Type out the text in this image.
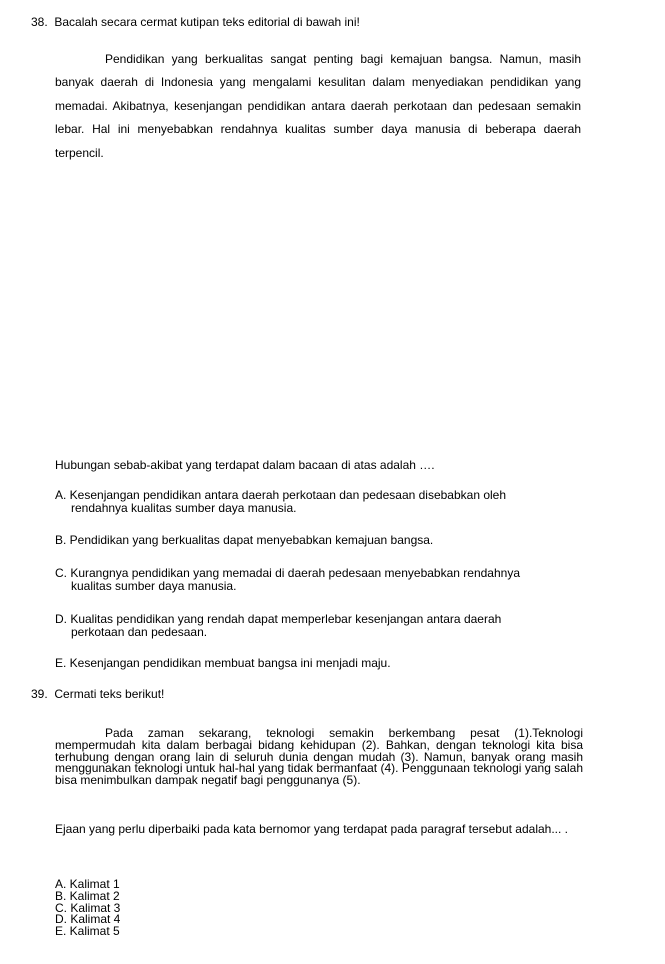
38. Bacalah secara cermat kutipan teks editorial di bawah ini!
Pendidikan yang berkualitas sangat penting bagi kemajuan bangsa. Namun, masih banyak daerah di Indonesia yang mengalami kesulitan dalam menyediakan pendidikan yang memadai. Akibatnya, kesenjangan pendidikan antara daerah perkotaan dan pedesaan semakin lebar. Hal ini menyebabkan rendahnya kualitas sumber daya manusia di beberapa daerah terpencil.
Hubungan sebab-akibat yang terdapat dalam bacaan di atas adalah ….
A. Kesenjangan pendidikan antara daerah perkotaan dan pedesaan disebabkan oleh
rendahnya kualitas sumber daya manusia.
B. Pendidikan yang berkualitas dapat menyebabkan kemajuan bangsa.
C. Kurangnya pendidikan yang memadai di daerah pedesaan menyebabkan rendahnya
kualitas sumber daya manusia.
D. Kualitas pendidikan yang rendah dapat memperlebar kesenjangan antara daerah
perkotaan dan pedesaan.
E. Kesenjangan pendidikan membuat bangsa ini menjadi maju.
39. Cermati teks berikut!
Pada zaman sekarang, teknologi semakin berkembang pesat (1).Teknologi mempermudah kita dalam berbagai bidang kehidupan (2). Bahkan, dengan teknologi kita bisa terhubung dengan orang lain di seluruh dunia dengan mudah (3). Namun, banyak orang masih menggunakan teknologi untuk hal-hal yang tidak bermanfaat (4). Penggunaan teknologi yang salah bisa menimbulkan dampak negatif bagi penggunanya (5).
Ejaan yang perlu diperbaiki pada kata bernomor yang terdapat pada paragraf tersebut adalah... .
A. Kalimat 1
B. Kalimat 2
C. Kalimat 3
D. Kalimat 4
E. Kalimat 5
